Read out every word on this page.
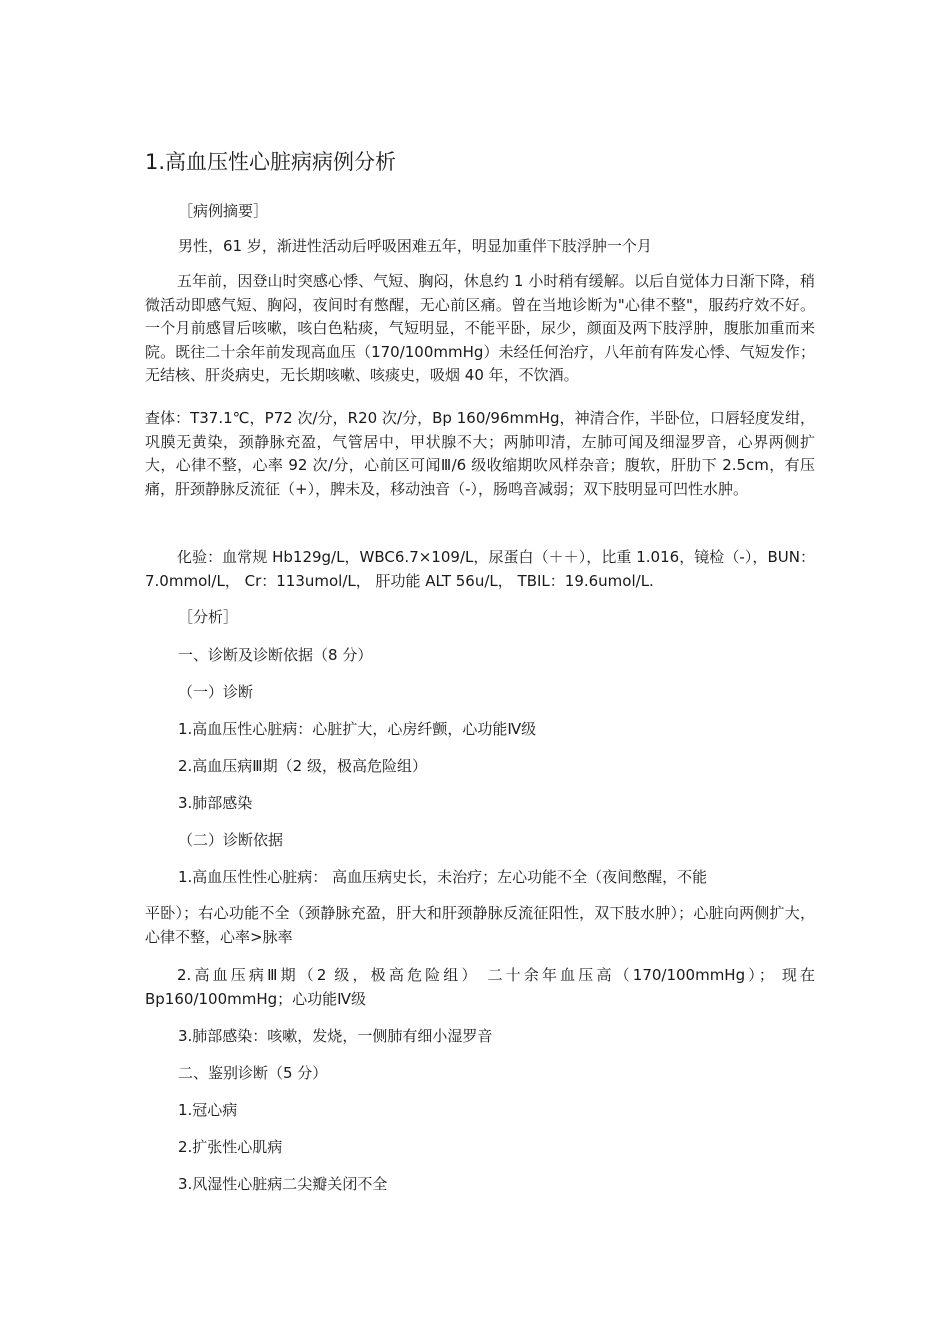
1.高血压性心脏病病例分析

［病例摘要］

男性，61 岁，渐进性活动后呼吸困难五年，明显加重伴下肢浮肿一个月

五年前，因登山时突感心悸、气短、胸闷，休息约 1 小时稍有缓解。以后自觉体力日渐下降，稍微活动即感气短、胸闷，夜间时有憋醒，无心前区痛。曾在当地诊断为"心律不整"，服药疗效不好。一个月前感冒后咳嗽，咳白色粘痰，气短明显，不能平卧，尿少，颜面及两下肢浮肿，腹胀加重而来院。既往二十余年前发现高血压（170/100mmHg）未经任何治疗，八年前有阵发心悸、气短发作；无结核、肝炎病史，无长期咳嗽、咳痰史，吸烟 40 年，不饮酒。

查体：T37.1℃，P72 次/分，R20 次/分，Bp 160/96mmHg，神清合作，半卧位，口唇轻度发绀，巩膜无黄染，颈静脉充盈，气管居中，甲状腺不大；两肺叩清，左肺可闻及细湿罗音，心界两侧扩大，心律不整，心率 92 次/分，心前区可闻Ⅲ/6 级收缩期吹风样杂音；腹软，肝肋下 2.5cm，有压痛，肝颈静脉反流征（+），脾未及，移动浊音（-），肠鸣音减弱；双下肢明显可凹性水肿。

化验：血常规 Hb129g/L，WBC6.7×109/L，尿蛋白（＋＋），比重 1.016，镜检（-），BUN：7.0mmol/L， Cr：113umol/L， 肝功能 ALT 56u/L， TBIL：19.6umol/L.

［分析］

一、诊断及诊断依据（8 分）

（一）诊断

1.高血压性心脏病：心脏扩大，心房纤颤，心功能Ⅳ级

2.高血压病Ⅲ期（2 级，极高危险组）

3.肺部感染

（二）诊断依据

1.高血压性性心脏病： 高血压病史长，未治疗；左心功能不全（夜间憋醒，不能

平卧）；右心功能不全（颈静脉充盈，肝大和肝颈静脉反流征阳性，双下肢水肿）；心脏向两侧扩大，心律不整，心率>脉率

2.高血压病Ⅲ期（2 级，极高危险组） 二十余年血压高（170/100mmHg）； 现在 Bp160/100mmHg；心功能Ⅳ级

3.肺部感染：咳嗽，发烧，一侧肺有细小湿罗音

二、鉴别诊断（5 分）

1.冠心病

2.扩张性心肌病

3.风湿性心脏病二尖瓣关闭不全
